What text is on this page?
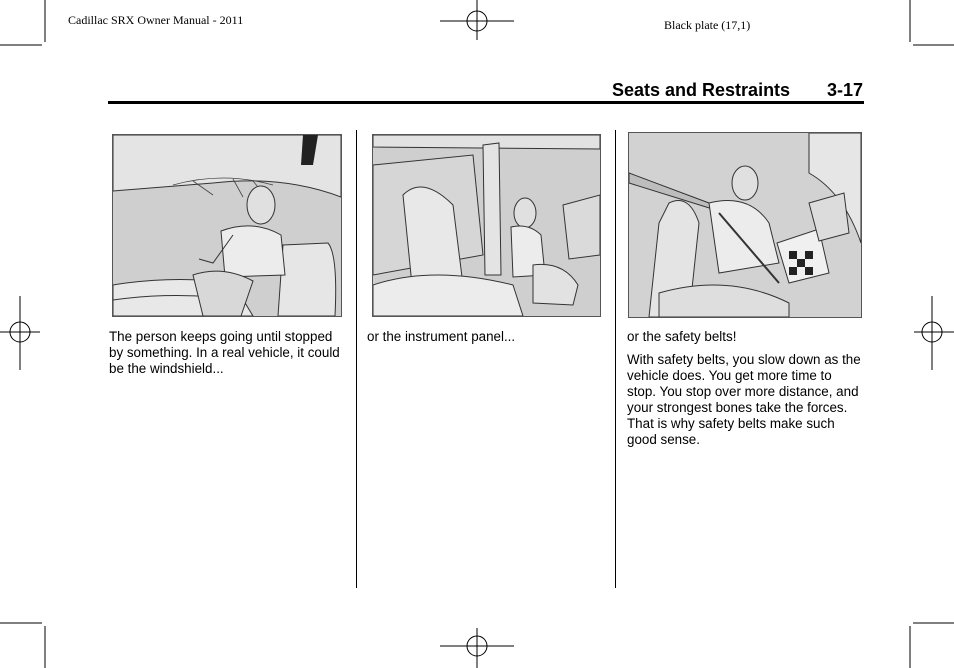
Cadillac SRX Owner Manual - 2011	Black plate (17,1)
Seats and Restraints 3-17

The person keeps going until stopped by something. In a real vehicle, it could be the windshield...

or the instrument panel...	or the safety belts!

With safety belts, you slow down as the vehicle does. You get more time to stop. You stop over more distance, and your strongest bones take the forces. That is why safety belts make such good sense.
